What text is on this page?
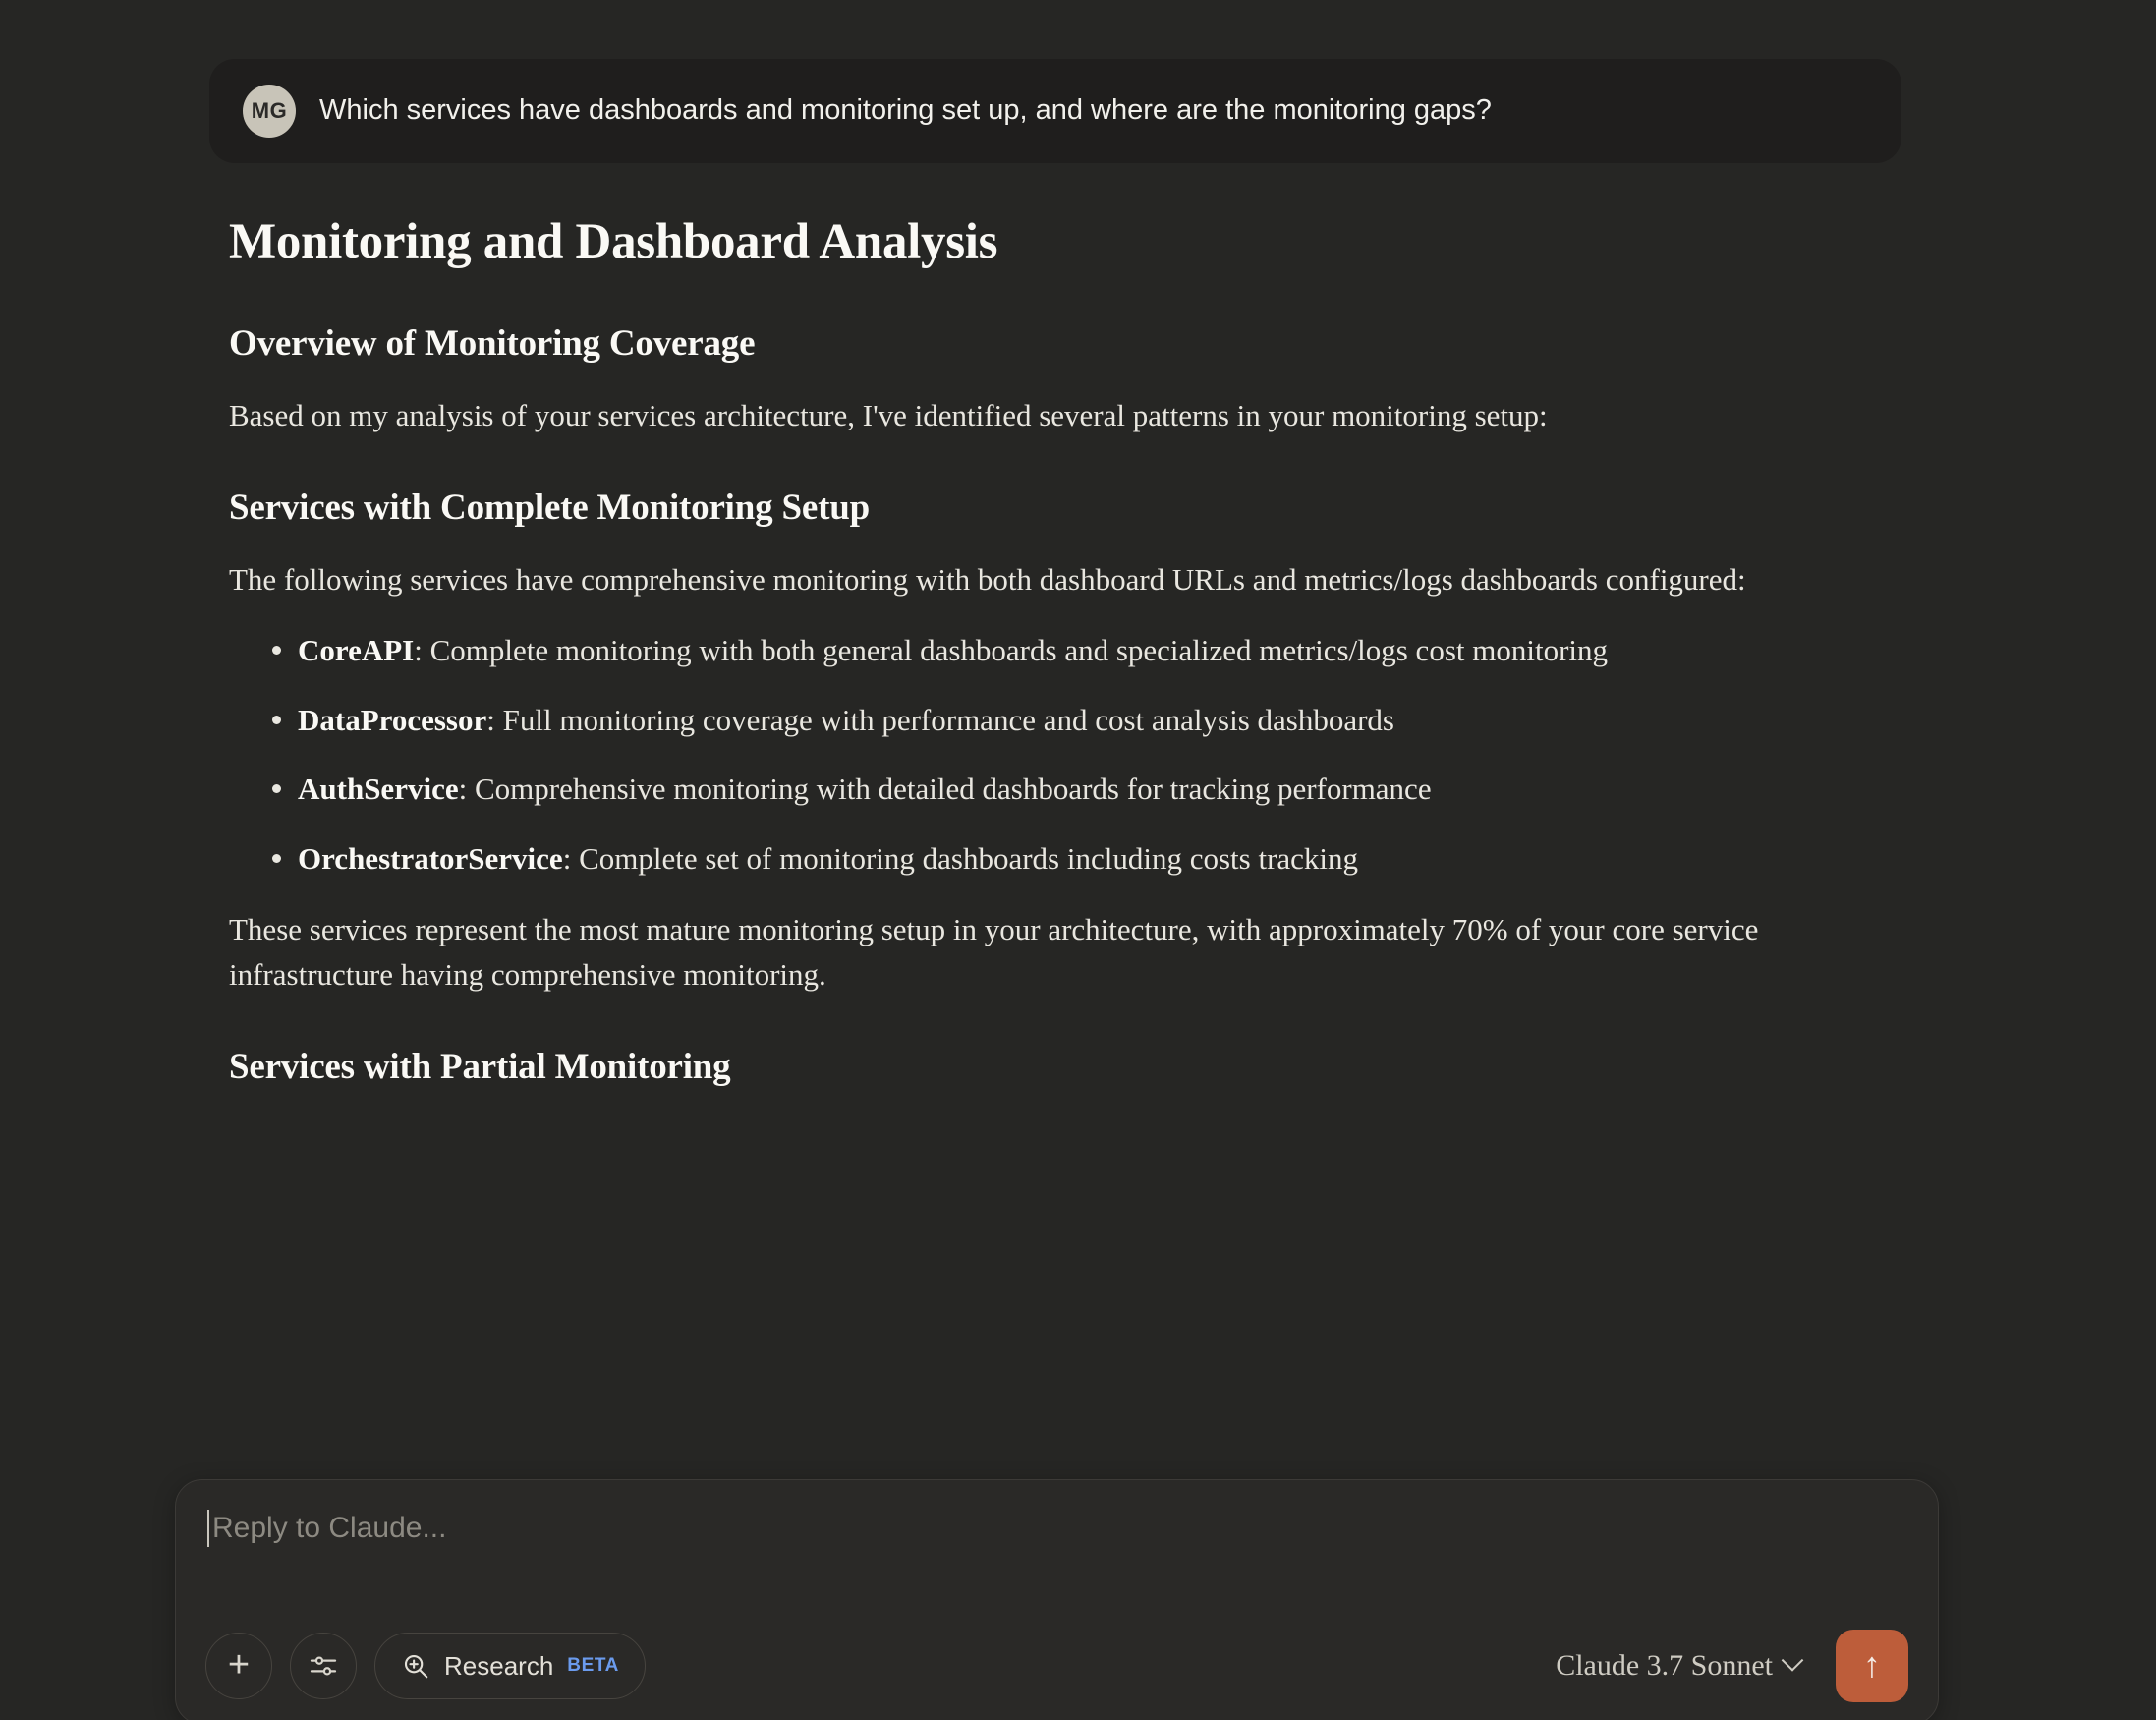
MG	Which services have dashboards and monitoring set up, and where are the monitoring gaps?
Monitoring and Dashboard Analysis
Overview of Monitoring Coverage

Based on my analysis of your services architecture, I've identified several patterns in your monitoring setup:

Services with Complete Monitoring Setup

The following services have comprehensive monitoring with both dashboard URLs and metrics/logs dashboards configured:

CoreAPI: Complete monitoring with both general dashboards and specialized metrics/logs cost monitoring
DataProcessor: Full monitoring coverage with performance and cost analysis dashboards
AuthService: Comprehensive monitoring with detailed dashboards for tracking performance
OrchestratorService: Complete set of monitoring dashboards including costs tracking

These services represent the most mature monitoring setup in your architecture, with approximately 70% of your core service infrastructure having comprehensive monitoring.

Services with Partial Monitoring
Reply to Claude...
+	Research BETA	Claude 3.7 Sonnet	↑
